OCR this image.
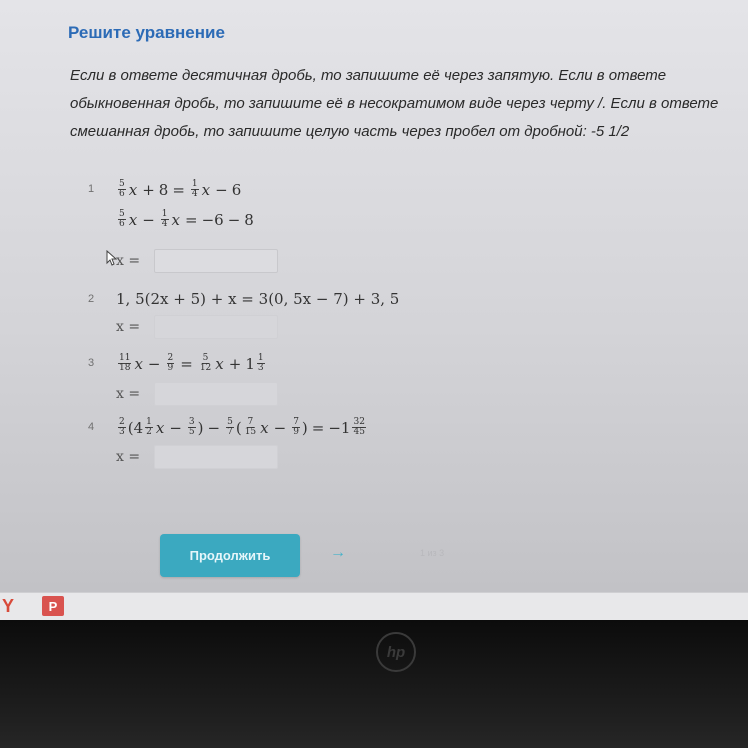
Решите уравнение
Если в ответе десятичная дробь, то запишите её через запятую. Если в ответе обыкновенная дробь, то запишите её в несократимом виде через черту /. Если в ответе смешанная дробь, то запишите целую часть через пробел от дробной: -5 1/2
1	$\frac{5}{6}$ $x + 8 = \frac{1}{4}$ x − 6
$\frac{5}{6}$ $x - \frac{1}{4}$ x = −6 − 8
x =
2 1, 5(2x + 5) + x = 3(0, 5x − 7) + 3, 5
x =
3	$\frac{11}{18}$ $x - \frac{2}{9} = \frac{5}{12}$ $x + 1 \frac{1}{3}$
x =
4	$\frac{2}{3}$ ( $4 \frac{1}{2}$ $x - \frac{3}{5}$ ) − $\frac{5}{7}$ ( $\frac{7}{15}$ $x - \frac{7}{9}$ ) = $-1 \frac{32}{45}$
x =
Продолжить	→	1 из 3
Y	P
hp
